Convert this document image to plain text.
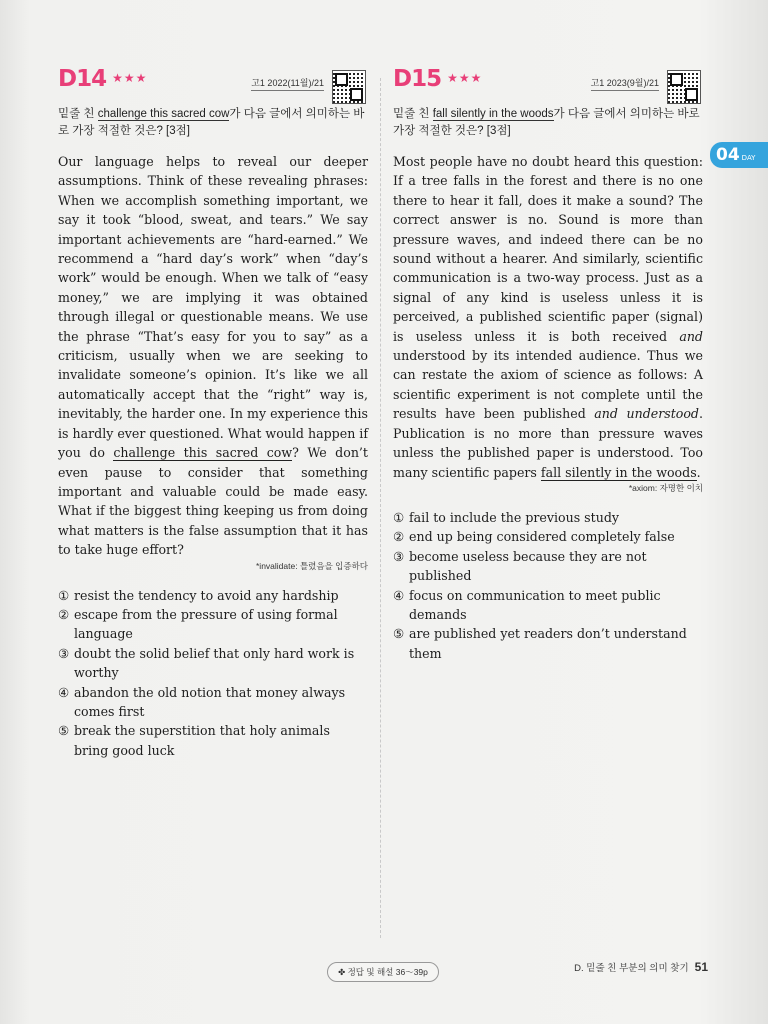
D14 ★★★	고1 2022(11월)/21
밑줄 친 challenge this sacred cow가 다음 글에서 의미하는 바로 가장 적절한 것은? [3점]
Our language helps to reveal our deeper assumptions. Think of these revealing phrases: When we accomplish something important, we say it took “blood, sweat, and tears.” We say important achievements are “hard-earned.” We recommend a “hard day’s work” when “day’s work” would be enough. When we talk of “easy money,” we are implying it was obtained through illegal or questionable means. We use the phrase “That’s easy for you to say” as a criticism, usually when we are seeking to invalidate someone’s opinion. It’s like we all automatically accept that the “right” way is, inevitably, the harder one. In my experience this is hardly ever questioned. What would happen if you do challenge this sacred cow? We don’t even pause to consider that something important and valuable could be made easy. What if the biggest thing keeping us from doing what matters is the false assumption that it has to take huge effort?
*invalidate: 틀렸음을 입증하다
① resist the tendency to avoid any hardship
② escape from the pressure of using formal language
③ doubt the solid belief that only hard work is worthy
④ abandon the old notion that money always comes first
⑤ break the superstition that holy animals bring good luck
D15 ★★★	고1 2023(9월)/21
밑줄 친 fall silently in the woods가 다음 글에서 의미하는 바로 가장 적절한 것은? [3점]
Most people have no doubt heard this question: If a tree falls in the forest and there is no one there to hear it fall, does it make a sound? The correct answer is no. Sound is more than pressure waves, and indeed there can be no sound without a hearer. And similarly, scientific communication is a two-way process. Just as a signal of any kind is useless unless it is perceived, a published scientific paper (signal) is useless unless it is both received and understood by its intended audience. Thus we can restate the axiom of science as follows: A scientific experiment is not complete until the results have been published and understood. Publication is no more than pressure waves unless the published paper is understood. Too many scientific papers fall silently in the woods.
*axiom: 자명한 이치
① fail to include the previous study
② end up being considered completely false
③ become useless because they are not published
④ focus on communication to meet public demands
⑤ are published yet readers don’t understand them
04 DAY
✤ 정답 및 해설 36～39p	D. 밑줄 친 부분의 의미 찾기 51
